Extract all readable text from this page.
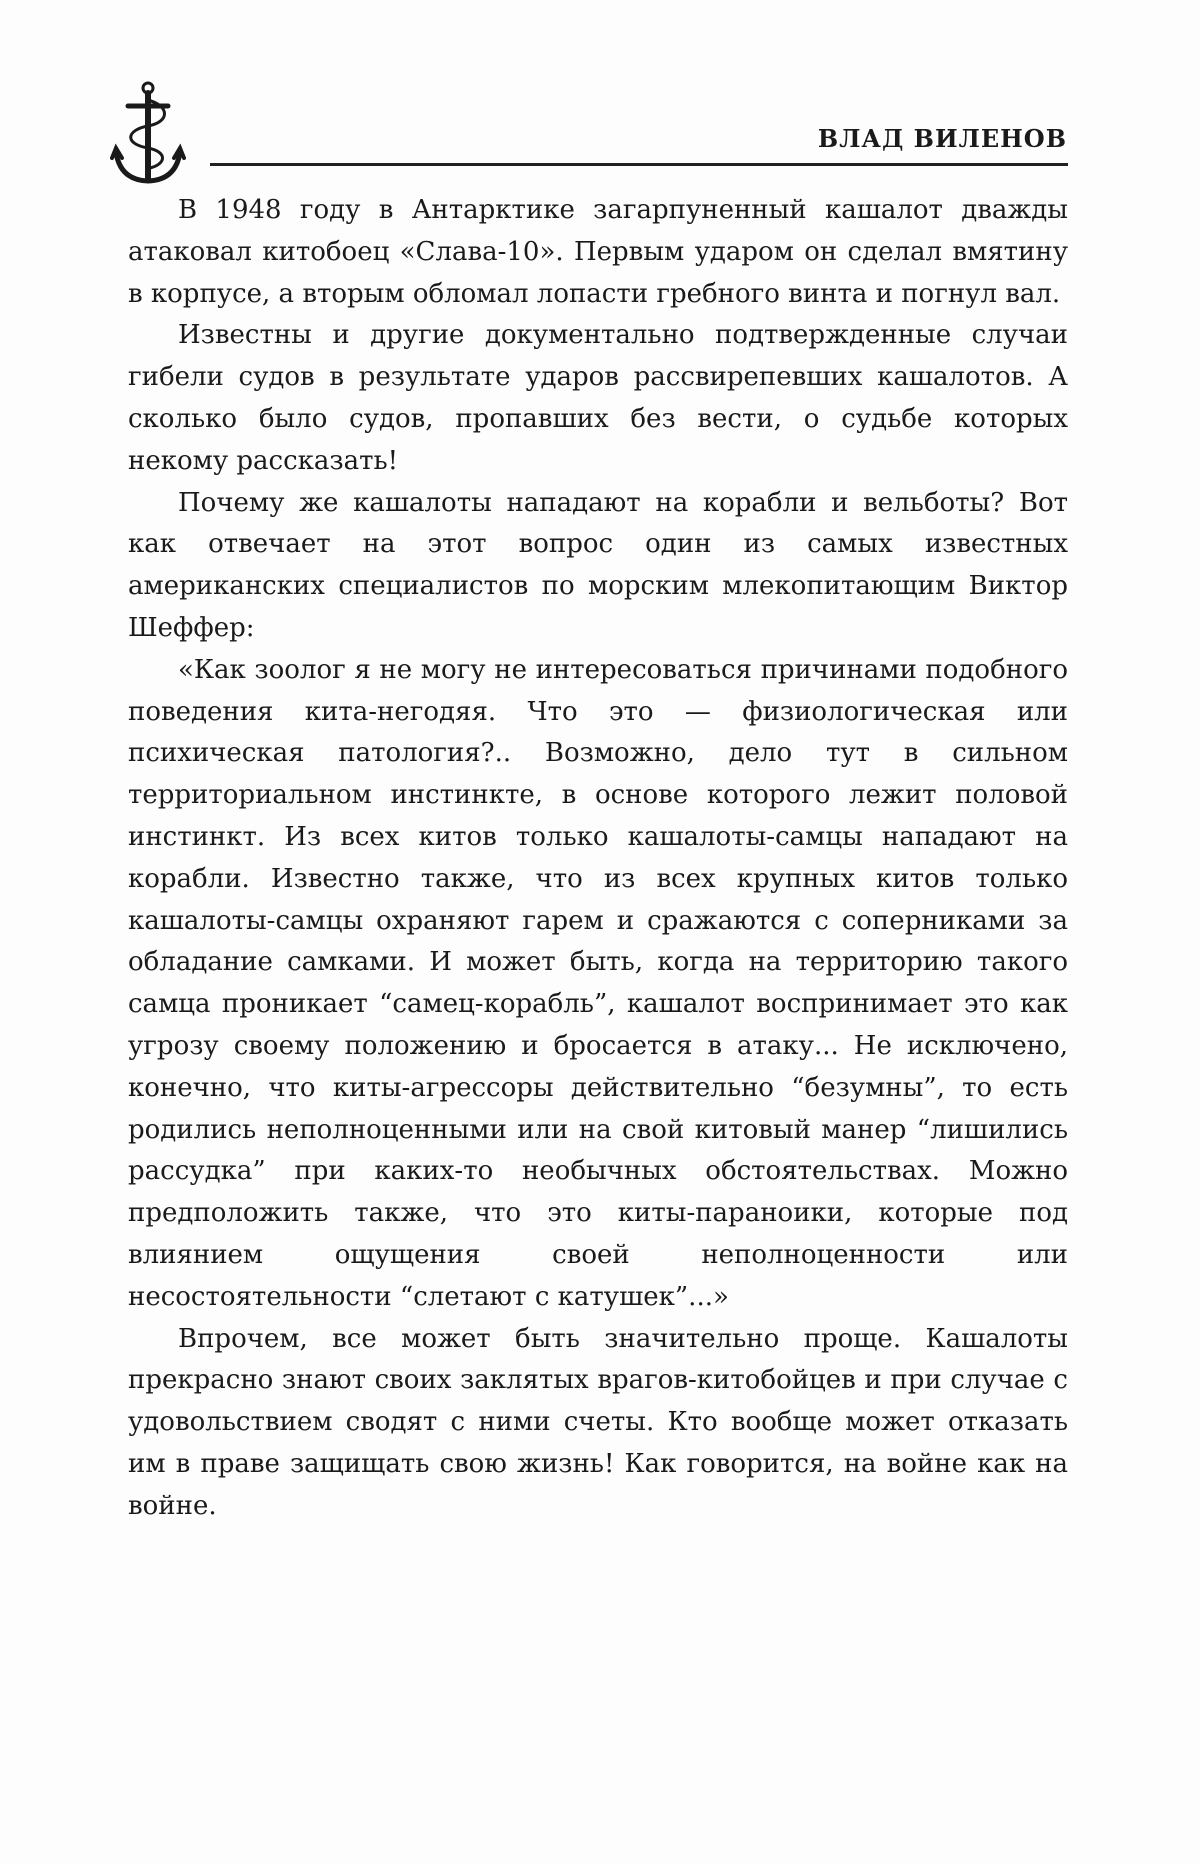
ВЛАД ВИЛЕНОВ

В 1948 году в Антарктике загарпуненный кашалот дважды атаковал китобоец «Слава-10». Первым ударом он сделал вмятину в корпусе, а вторым обломал лопасти гребного винта и погнул вал.

Известны и другие документально подтвержденные случаи гибели судов в результате ударов рассвирепевших кашалотов. А сколько было судов, пропавших без вести, о судьбе которых некому рассказать!

Почему же кашалоты нападают на корабли и вельботы? Вот как отвечает на этот вопрос один из самых известных американских специалистов по морским млекопитающим Виктор Шеффер:

«Как зоолог я не могу не интересоваться причинами подобного поведения кита-негодяя. Что это — физиологическая или психическая патология?.. Возможно, дело тут в сильном территориальном инстинкте, в основе которого лежит половой инстинкт. Из всех китов только кашалоты-самцы нападают на корабли. Известно также, что из всех крупных китов только кашалоты-самцы охраняют гарем и сражаются с соперниками за обладание самками. И может быть, когда на территорию такого самца проникает “самец-корабль”, кашалот воспринимает это как угрозу своему положению и бросается в атаку... Не исключено, конечно, что киты-агрессоры действительно “безумны”, то есть родились неполноценными или на свой китовый манер “лишились рассудка” при каких-то необычных обстоятельствах. Можно предположить также, что это киты-параноики, которые под влиянием ощущения своей неполноценности или несостоятельности “слетают с катушек”...»

Впрочем, все может быть значительно проще. Кашалоты прекрасно знают своих заклятых врагов-китобойцев и при случае с удовольствием сводят с ними счеты. Кто вообще может отказать им в праве защищать свою жизнь! Как говорится, на войне как на войне.
